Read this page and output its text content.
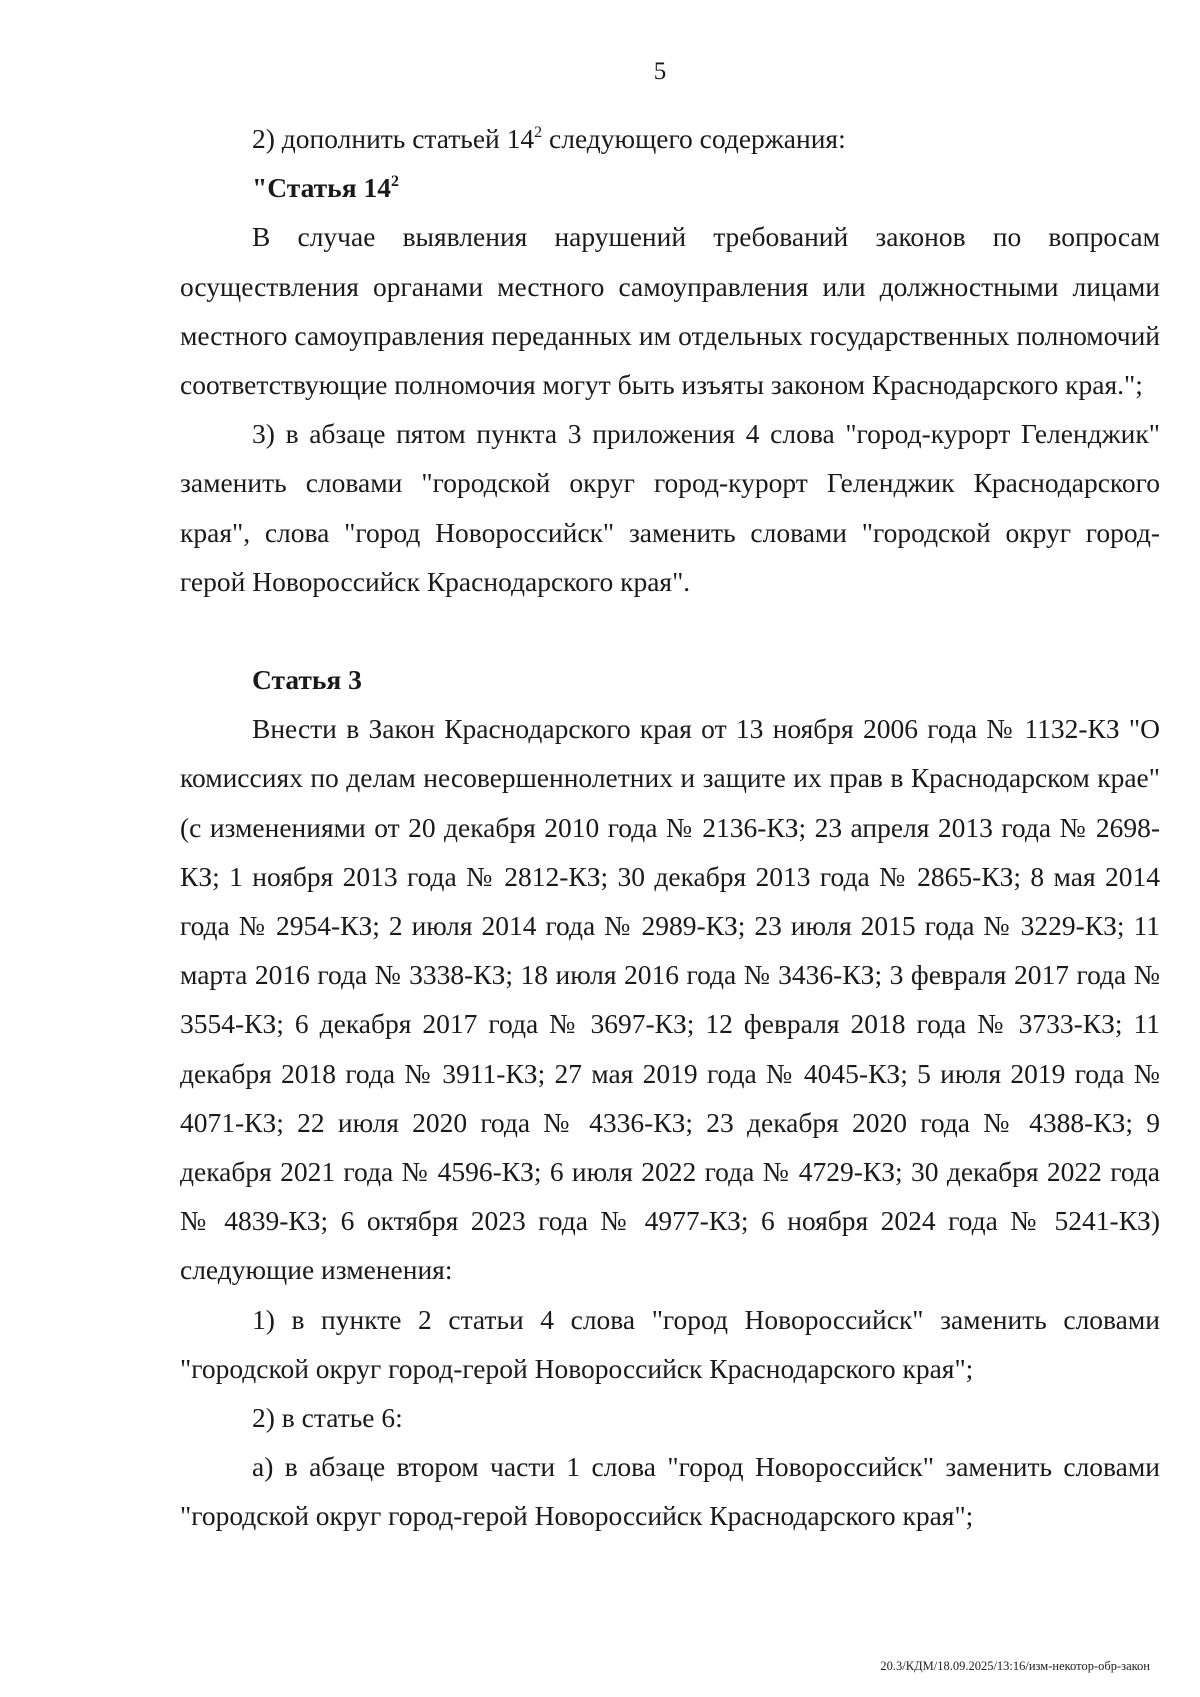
5

2) дополнить статьей $14^2$ следующего содержания:

"Статья $14^2$

В случае выявления нарушений требований законов по вопросам осуществления органами местного самоуправления или должностными лицами местного самоуправления переданных им отдельных государственных полномочий соответствующие полномочия могут быть изъяты законом Краснодарского края.";

3) в абзаце пятом пункта 3 приложения 4 слова "город-курорт Геленджик" заменить словами "городской округ город-курорт Геленджик Краснодарского края", слова "город Новороссийск" заменить словами "городской округ город-герой Новороссийск Краснодарского края".

Статья 3

Внести в Закон Краснодарского края от 13 ноября 2006 года № 1132-КЗ "О комиссиях по делам несовершеннолетних и защите их прав в Краснодарском крае" (с изменениями от 20 декабря 2010 года № 2136-КЗ; 23 апреля 2013 года № 2698-КЗ; 1 ноября 2013 года № 2812-КЗ; 30 декабря 2013 года № 2865-КЗ; 8 мая 2014 года № 2954-КЗ; 2 июля 2014 года № 2989-КЗ; 23 июля 2015 года № 3229-КЗ; 11 марта 2016 года № 3338-КЗ; 18 июля 2016 года № 3436-КЗ; 3 февраля 2017 года № 3554-КЗ; 6 декабря 2017 года № 3697-КЗ; 12 февраля 2018 года № 3733-КЗ; 11 декабря 2018 года № 3911-КЗ; 27 мая 2019 года № 4045-КЗ; 5 июля 2019 года № 4071-КЗ; 22 июля 2020 года № 4336-КЗ; 23 декабря 2020 года № 4388-КЗ; 9 декабря 2021 года № 4596-КЗ; 6 июля 2022 года № 4729-КЗ; 30 декабря 2022 года № 4839-КЗ; 6 октября 2023 года № 4977-КЗ; 6 ноября 2024 года № 5241-КЗ) следующие изменения:

1) в пункте 2 статьи 4 слова "город Новороссийск" заменить словами "городской округ город-герой Новороссийск Краснодарского края";

2) в статье 6:

а) в абзаце втором части 1 слова "город Новороссийск" заменить словами "городской округ город-герой Новороссийск Краснодарского края";

20.3/КДМ/18.09.2025/13:16/изм-некотор-обр-закон
